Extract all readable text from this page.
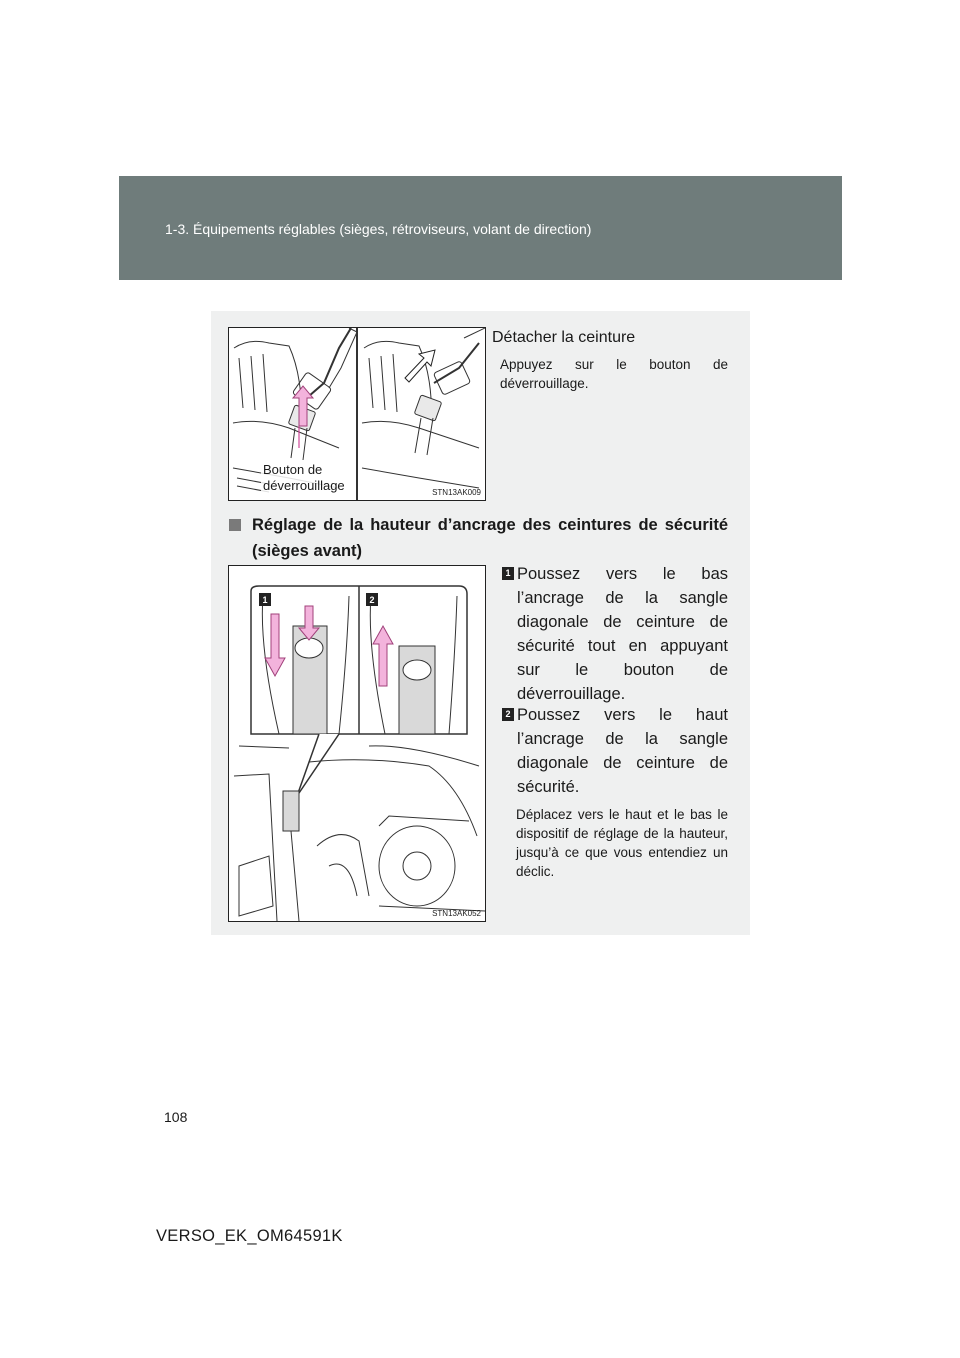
1-3. Équipements réglables (sièges, rétroviseurs, volant de direction)
Bouton de
déverrouillage	STN13AK009
Détacher la ceinture
Appuyez sur le bouton de déverrouillage.
Réglage de la hauteur d’ancrage des ceintures de sécurité (sièges avant)
1	2
STN13AK052
1 Poussez vers le bas l’ancrage de la sangle diagonale de ceinture de sécurité tout en appuyant sur le bouton de déverrouillage.
2 Poussez vers le haut l’ancrage de la sangle diagonale de ceinture de sécurité.
Déplacez vers le haut et le bas le dispositif de réglage de la hauteur, jusqu’à ce que vous entendiez un déclic.
108
VERSO_EK_OM64591K
